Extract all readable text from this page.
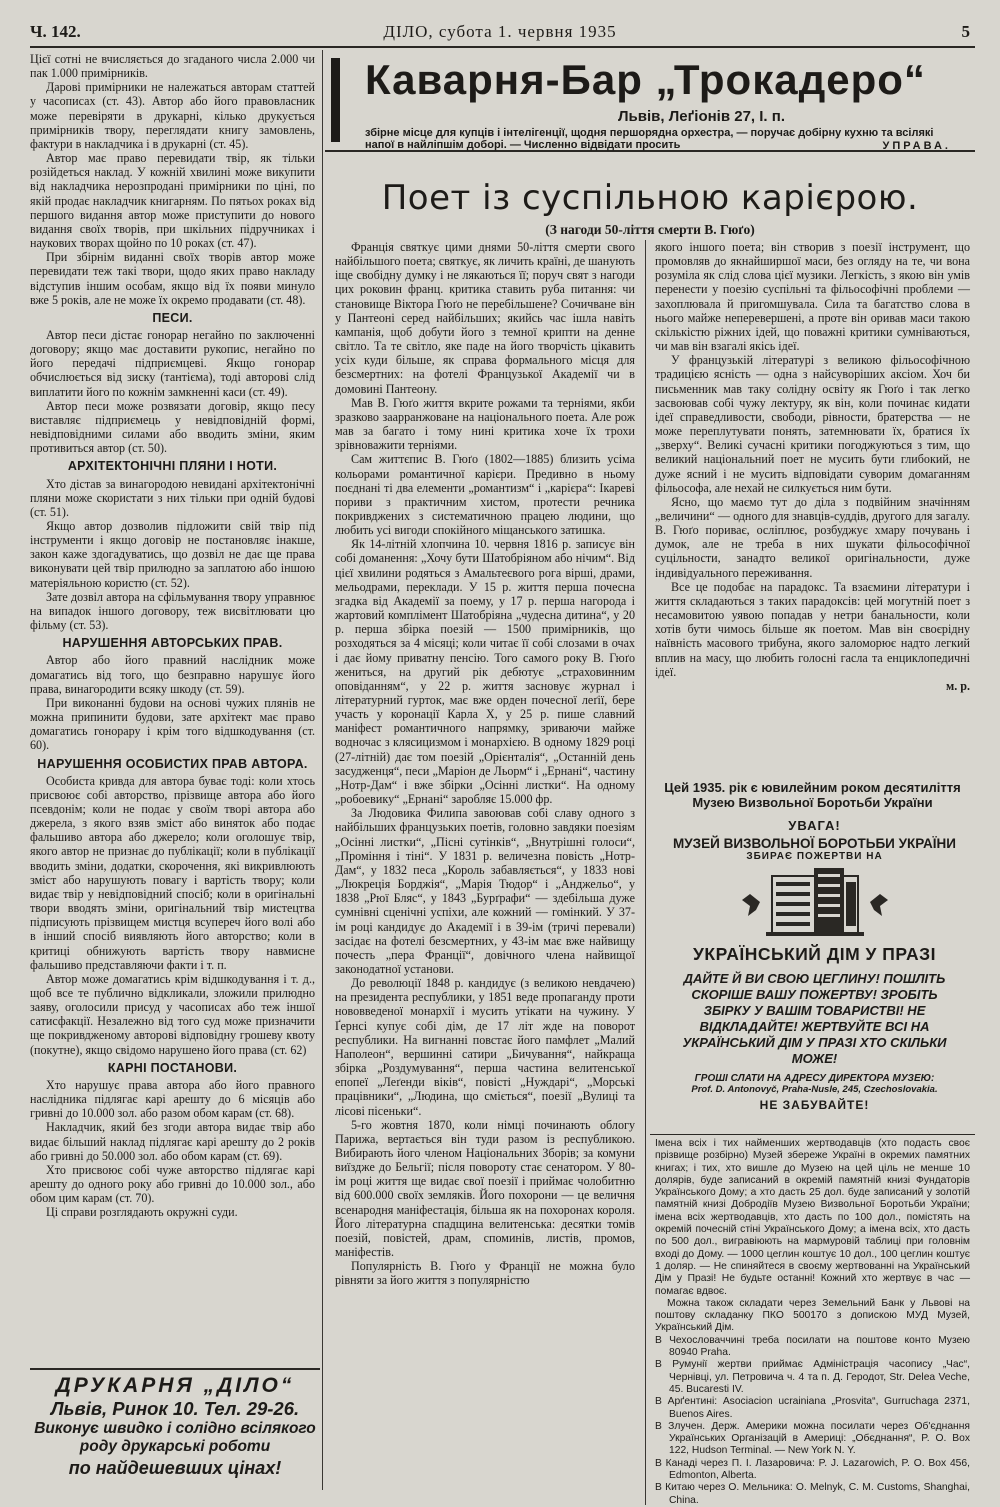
Ч. 142.	ДІЛО, субота 1. червня 1935	5

Цієї сотні не вчисляється до згаданого числа 2.000 чи пак 1.000 примірників.

Дарові примірники не належаться авторам статтей у часописах (ст. 43). Автор або його правовласник може перевіряти в друкарні, кілько друкується примірників твору, переглядати книгу замовлень, фактури в накладчика і в друкарні (ст. 45).

Автор має право перевидати твір, як тільки розійдеться наклад. У кожній хвилині може викупити від накладчика нерозпродані примірники по ціні, по якій продає накладчик книгарням. По пятьох роках від першого видання автор може приступити до нового видання своїх творів, при шкільних підручниках і наукових творах щойно по 10 роках (ст. 47).

При збірнім виданні своїх творів автор може перевидати теж такі твори, щодо яких право накладу відступив іншим особам, якщо від їх появи минуло вже 5 років, але не може їх окремо продавати (ст. 48).

ПЕСИ.

Автор песи дістає гонорар негайно по заключенні договору; якщо має доставити рукопис, негайно по його передачі підприємцеві. Якщо гонорар обчислюється від зиску (тантієма), тоді авторові слід виплатити його по кожнім замкненні каси (ст. 49).

Автор песи може розвязати договір, якщо песу виставляє підприємець у невідповідній формі, невідповідними силами або вводить зміни, яким противиться автор (ст. 50).

АРХІТЕКТОНІЧНІ ПЛЯНИ І НОТИ.

Хто дістав за винагородою невидані архітектонічні пляни може скористати з них тільки при одній будові (ст. 51).

Якщо автор дозволив підложити свій твір під інструменти і якщо договір не постановляє інакше, закон каже здогадуватись, що дозвіл не дає ще права виконувати цей твір прилюдно за заплатою або іншою матеріяльною користю (ст. 52).

Зате дозвіл автора на сфільмування твору управнює на випадок іншого договору, теж висвітлювати цю фільму (ст. 53).

НАРУШЕННЯ АВТОРСЬКИХ ПРАВ.

Автор або його правний наслідник може домагатись від того, що безправно нарушує його права, винагородити всяку шкоду (ст. 59).

При виконанні будови на основі чужих плянів не можна припинити будови, зате архітект має право домагатись гонорару і крім того відшкодування (ст. 60).

НАРУШЕННЯ ОСОБИСТИХ ПРАВ АВТОРА.

Особиста кривда для автора буває тоді: коли хтось присвоює собі авторство, прізвище автора або його псевдонім; коли не подає у своїм творі автора або джерела, з якого взяв зміст або виняток або подає фальшиво автора або джерело; коли оголошує твір, якого автор не признає до публікації; коли в публікації вводить зміни, додатки, скорочення, які викривлюють зміст або нарушують повагу і вартість твору; коли видає твір у невідповідний спосіб; коли в оригінальні твори вводять зміни, оригінальний твір мистецтва підписують прізвищем мистця всупереч його волі або в інший спосіб виявляють його авторство; коли в критиці обнижують вартість твору навмисне фальшиво представляючи факти і т. п.

Автор може домагатись крім відшкодування і т. д., щоб все те публично відкликали, зложили прилюдно заяву, оголосили присуд у часописах або теж іншої сатисфакції. Незалежно від того суд може призначити ще покривдженому авторові відповідну грошеву квоту (покутне), якщо свідомо нарушено його права (ст. 62)

КАРНІ ПОСТАНОВИ.

Хто нарушує права автора або його правного наслідника підлягає карі арешту до 6 місяців або гривні до 10.000 зол. або разом обом карам (ст. 68).

Накладчик, який без згоди автора видає твір або видає більший наклад підлягає карі арешту до 2 років або гривні до 50.000 зол. або обом карам (ст. 69).

Хто присвоює собі чуже авторство підлягає карі арешту до одного року або гривні до 10.000 зол., або обом цим карам (ст. 70).

Ці справи розглядають окружні суди.

ДРУКАРНЯ „ДІЛО“
Львів, Ринок 10. Тел. 29-26.
Виконує швидко і солідно всілякого роду друкарські роботи
по найдешевших цінах!
Каварня-Бар „Трокадеро“
Львів, Леґіонів 27, І. п.
збірне місце для купців і інтелігенції, щодня першорядна орхестра, — поручає добірну кухню та всілякі напої в найліпшім доборі. — Численно відвідати просить	УПРАВА.
Поет із суспільною карієрою.
(З нагоди 50-ліття смерти В. Гюґо)

Франція святкує цими днями 50-ліття смерти свого найбільшого поета; святкує, як личить країні, де шанують іще свобідну думку і не лякаються її; поруч свят з нагоди цих роковин франц. критика ставить руба питання: чи становище Віктора Гюґо не перебільшене? Сочичване він у Пантеоні серед найбільших; якийсь час ішла навіть кампанія, щоб добути його з темної крипти на денне світло. Та те світло, яке паде на його творчість цікавить усіх куди більше, як справа формального місця для безсмертних: на фотелі Французької Академії чи в домовині Пантеону.

Мав В. Гюґо життя вкрите рожами та терніями, якби зразково заарранжоване на національного поета. Але рож мав за багато і тому нині критика хоче їх трохи зрівноважити терніями.

Сам життєпис В. Гюґо (1802—1885) близить усіма кольорами романтичної карієри. Предивно в ньому поєднані ті два елементи „романтизм“ і „карієра“: Ікареві пориви з практичним хистом, протести речника покривджених з систематичною працею людини, що любить усі вигоди спокійного міщанського затишка.

Як 14-літній хлопчина 10. червня 1816 р. записує він собі доманення: „Хочу бути Шатобріяном або нічим“. Від цієї хвилини родяться з Амальтеєвого рога вірші, драми, мельодрами, переклади. У 15 р. життя перша почесна згадка від Академії за поему, у 17 р. перша нагорода і жартовий комплімент Шатобріяна „чудесна дитина“, у 20 р. перша збірка поезій — 1500 примірників, що розходяться за 4 місяці; коли читає її собі слозами в очах і дає йому приватну пенсію. Того самого року В. Гюґо жениться, на другий рік дебютує „страховинним оповіданням“, у 22 р. життя засновує журнал і літературний гурток, має вже орден почесної леґії, бере участь у коронації Карла Х, у 25 р. пише славний маніфест романтичного напрямку, зриваючи майже водночас з клясицизмом і монархією. В одному 1829 році (27-літній) дає том поезій „Орієнталія“, „Останній день засудженця“, песи „Маріон де Льорм“ і „Ернані“, частину „Нотр-Дам“ і вже збірки „Осінні листки“. На одному „робоевику“ „Ернані“ заробляє 15.000 фр.

За Людовика Филипа завоював собі славу одного з найбільших французьких поетів, головно завдяки поезіям „Осінні листки“, „Пісні сутінків“, „Внутрішні голоси“, „Проміння і тіні“. У 1831 р. величезна повість „Нотр-Дам“, у 1832 песа „Король забавляється“, у 1833 нові „Люкреція Борджія“, „Марія Тюдор“ і „Анджельо“, у 1838 „Рюї Бляс“, у 1843 „Бурґрафи“ — здебільша дуже сумнівні сценічні успіхи, але кожний — гомінкий. У 37-ім році кандидує до Академії і в 39-ім (тричі перевали) засідає на фотелі безсмертних, у 43-ім має вже найвищу почесть „пера Франції“, довічного члена найвищої законодатної установи.

До революції 1848 р. кандидує (з великою невдачею) на президента республики, у 1851 веде пропаганду проти нововведеної монархії і мусить утікати на чужину. У Ґернсі купує собі дім, де 17 літ жде на поворот республики. На вигнанні повстає його памфлет „Малий Наполеон“, вершинні сатири „Бичування“, найкраща збірка „Роздумування“, перша частина велитенської епопеї „Леґенди віків“, повісті „Нуждарі“, „Морські працівники“, „Людина, що сміється“, поезії „Вулиці та лісові пісеньки“.

5-го жовтня 1870, коли німці починають облогу Парижа, вертається він туди разом із республикою. Вибирають його членом Національних Зборів; за комуни виїздже до Бельгії; після повороту стає сенатором. У 80-ім році життя ще видає свої поезії і приймає чолобитню від 600.000 своїх земляків. Його похорони — це величня всенародня маніфестація, більша як на похоронах короля. Його літературна спадщина велитенська: десятки томів поезій, повістей, драм, споминів, листів, промов, маніфестів.

Популярність В. Гюґо у Франції не можна було рівняти за його життя з популярністю

якого іншого поета; він створив з поезії інструмент, що промовляв до якнайширшої маси, без огляду на те, чи вона розуміла як слід слова цієї музики. Легкість, з якою він умів перенести у поезію суспільні та фільософічні проблеми — захоплювала й пригомшувала. Сила та багатство слова в нього майже неперевершені, а проте він оривав маси такою скількістю ріжних ідей, що поважні критики сумніваються, чи мав він взагалі якісь ідеї.

У французькій літературі з великою фільософічною традицією ясність — одна з найсуворіших аксіом. Хоч би письменник мав таку солідну освіту як Гюґо і так легко засвоював собі чужу лектуру, як він, коли починає кидати ідеї справедливости, свободи, рівности, братерства — не може переплутувати понять, затемнювати їх, братися їх „зверху“. Великі сучасні критики погоджуються з тим, що великий національний поет не мусить бути глибокий, не дуже ясний і не мусить відповідати суворим домаганням фільософа, але нехай не силкується ним бути.

Ясно, що маємо тут до діла з подвійним значінням „величини“ — одного для знавців-суддів, другого для загалу. В. Гюґо пориває, осліплює, розбуджує хмару почувань і думок, але не треба в них шукати фільософічної суцільности, занадто великої оригінальности, дуже індивідуального переживання.

Все це подобає на парадокс. Та взаємини літератури і життя складаються з таких парадоксів: цей могутній поет з несамовитою уявою попадав у нетри банальности, коли хотів бути чимось більше як поетом. Мав він своєрідну наївність масового трибуна, якого заломорює надто легкий вплив на масу, що любить голосні гасла та енциклопедичні ідеї.

м. р.
Цей 1935. рік є ювилейним роком десятиліття Музею Визвольної Боротьби України
УВАГА!
МУЗЕЙ ВИЗВОЛЬНОЇ БОРОТЬБИ УКРАЇНИ
ЗБИРАЄ ПОЖЕРТВИ НА
УКРАЇНСЬКИЙ ДІМ У ПРАЗІ
ДАЙТЕ Й ВИ СВОЮ ЦЕГЛИНУ! ПОШЛІТЬ СКОРІШЕ ВАШУ ПОЖЕРТВУ! ЗРОБІТЬ ЗБІРКУ У ВАШІМ ТОВАРИСТВІ! НЕ ВІДКЛАДАЙТЕ! ЖЕРТВУЙТЕ ВСІ НА УКРАЇНСЬКИЙ ДІМ У ПРАЗІ ХТО СКІЛЬКИ МОЖЕ!
ГРОШІ СЛАТИ НА АДРЕСУ ДИРЕКТОРА МУЗЕЮ:
Prof. D. Antonovyč, Praha-Nusle, 245, Czechoslovakia.
НЕ ЗАБУВАЙТЕ!

Імена всіх і тих найменших жертводавців (хто подасть своє прізвище розбірно) Музей збереже Україні в окремих памятних книгах; і тих, хто вишле до Музею на цей ціль не менше 10 долярів, буде записаний в окремій памятній книзі Фундаторів Українського Дому; а хто дасть 25 дол. буде записаний у золотій памятній книзі Добродіїв Музею Визвольної Боротьби України; імена всіх жертводавців, хто дасть по 100 дол., помістять на окремій почесній стіні Українського Дому; а імена всіх, хто дасть по 500 дол., вигравіюють на мармуровій таблиці при головнім вході до Дому. — 1000 цеглин коштує 10 дол., 100 цеглин коштує 1 доляр. — Не спиняйтеся в своєму жертвованні на Український Дім у Празі! Не будьте останні! Кожний хто жертвує в час — помагає вдвоє.

Можна також складати через Земельний Банк у Львові на поштову складанку ПКО 500170 з допискою МУД Музей, Український Дім.

В Чехословаччині треба посилати на поштове конто Музею 80940 Praha.

В Румунії жертви приймає Адміністрація часопису „Час“, Чернівці, ул. Петровича ч. 4 та п. Д. Геродот, Str. Delea Veche, 45. Bucaresti IV.

В Арґентині: Asociacion ucrainiana „Prosvita“, Gurruchaga 2371, Buenos Aires.

В Злучен. Держ. Америки можна посилати через Об'єднання Українських Організацій в Америці: „Обєднання“, P. O. Box 122, Hudson Terminal. — New York N. Y.

В Канаді через П. І. Лазаровича: P. J. Lazarowich, P. O. Box 456, Edmonton, Alberta.

В Китаю через О. Мельника: O. Melnyk, C. M. Customs, Shanghai, China.
